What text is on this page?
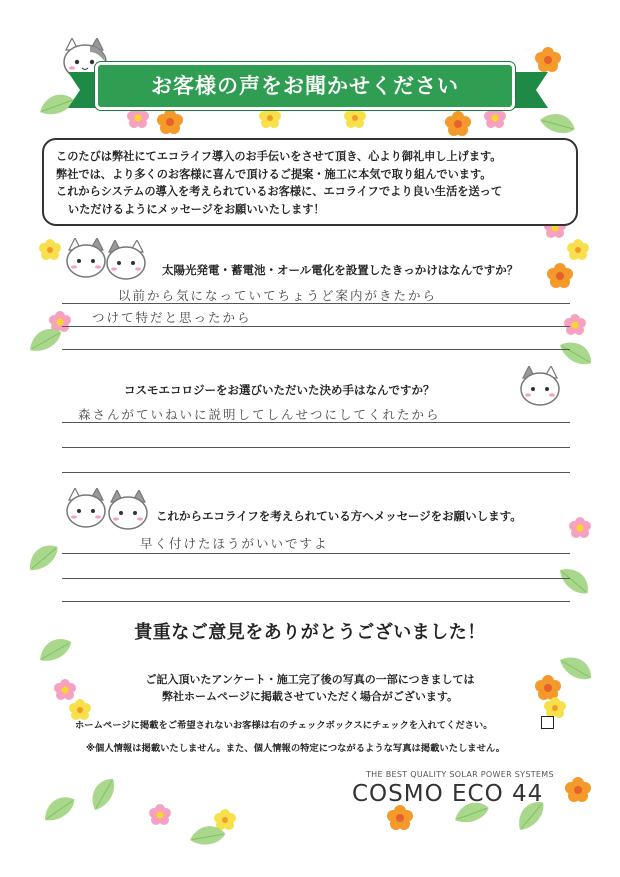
お客様の声をお聞かせください
このたびは弊社にてエコライフ導入のお手伝いをさせて頂き、心より御礼申し上げます。
弊社では、より多くのお客様に喜んで頂けるご提案・施工に本気で取り組んでいます。
これからシステムの導入を考えられているお客様に、エコライフでより良い生活を送って
いただけるようにメッセージをお願いいたします！
太陽光発電・蓄電池・オール電化を設置したきっかけはなんですか？
以前から気になっていてちょうど案内がきたから
つけて特だと思ったから
コスモエコロジーをお選びいただいた決め手はなんですか？
森さんがていねいに説明してしんせつにしてくれたから
これからエコライフを考えられている方へメッセージをお願いします。
早く付けたほうがいいですよ
貴重なご意見をありがとうございました！
ご記入頂いたアンケート・施工完了後の写真の一部につきましては
弊社ホームページに掲載させていただく場合がございます。
ホームページに掲載をご希望されないお客様は右のチェックボックスにチェックを入れてください。
※個人情報は掲載いたしません。また、個人情報の特定につながるような写真は掲載いたしません。
THE BEST QUALITY SOLAR POWER SYSTEMS
COSMO ECO 44
